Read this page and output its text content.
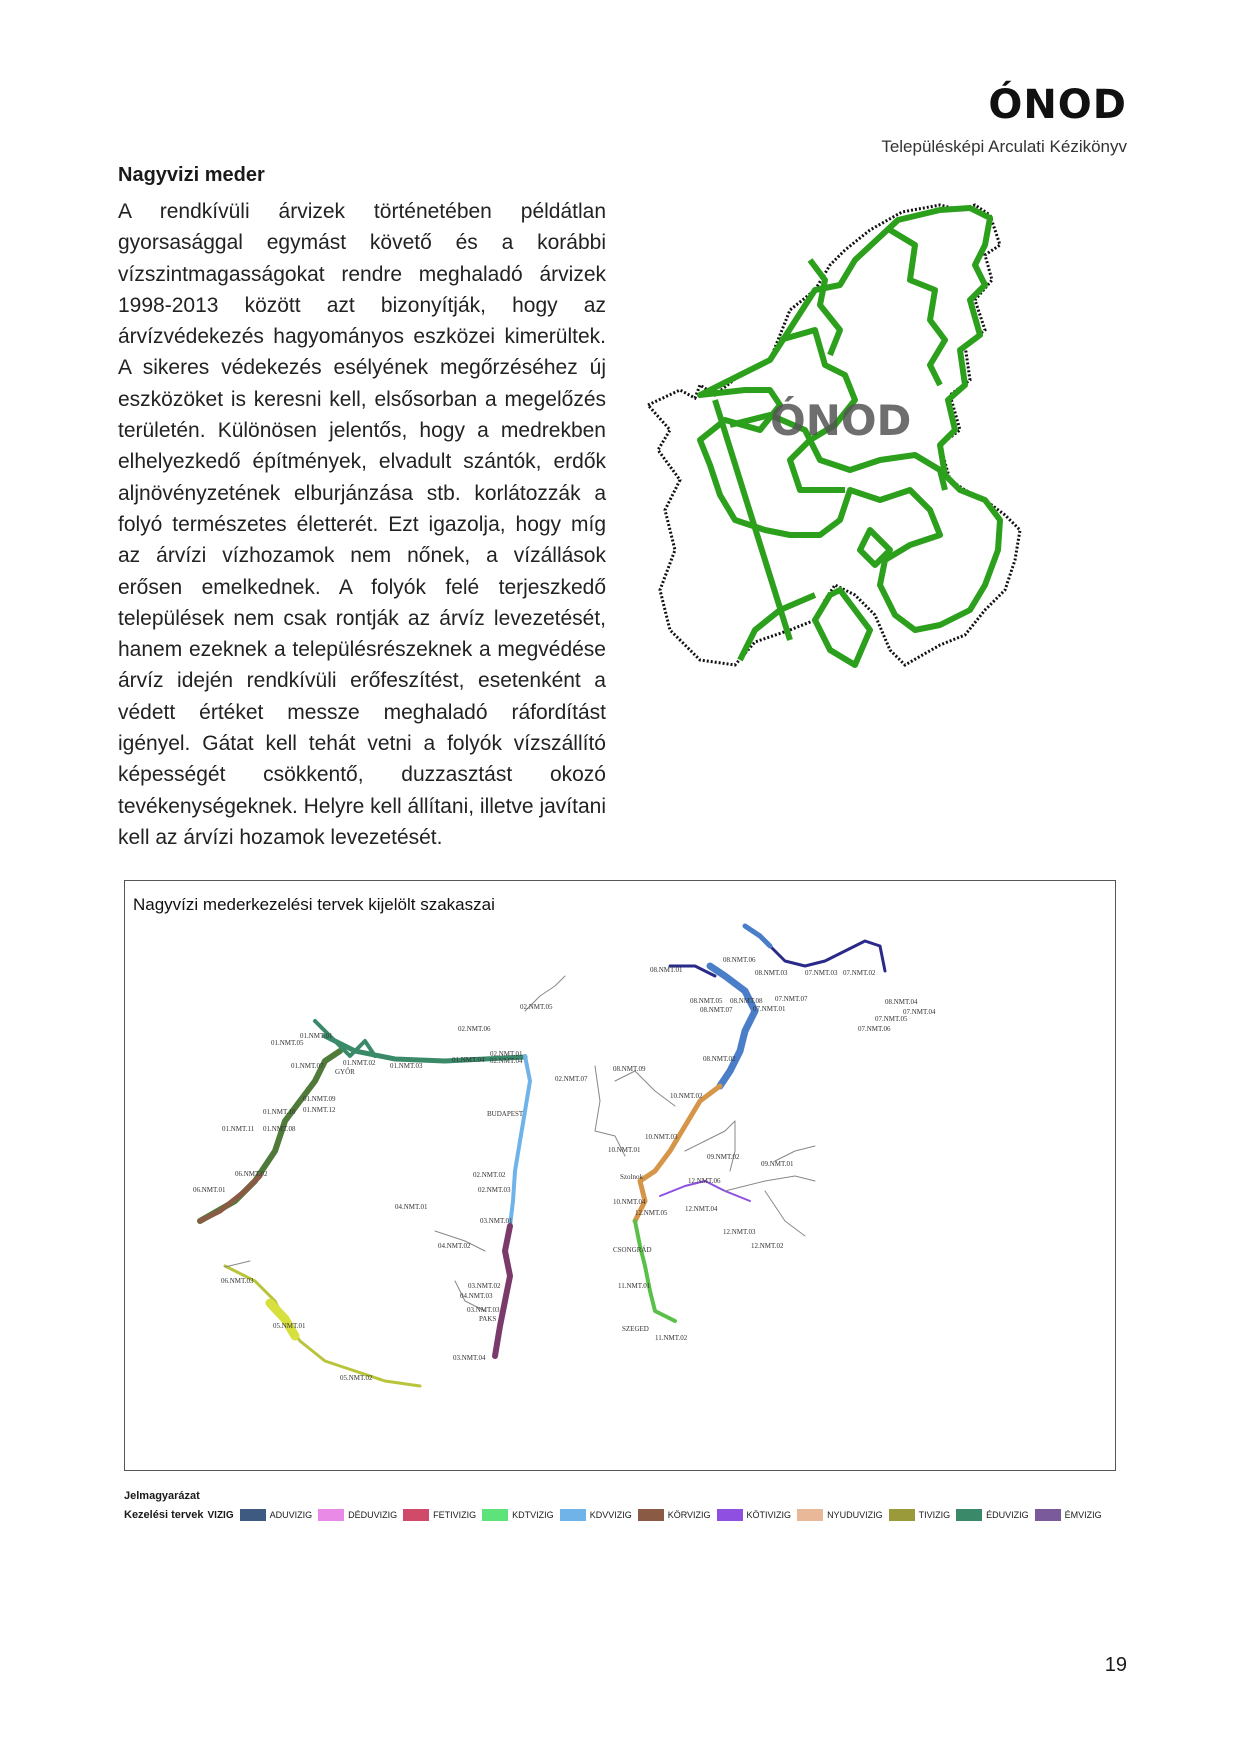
ÓNOD
Településképi Arculati Kézikönyv
Nagyvizi meder
A rendkívüli árvizek történetében példátlan gyorsasággal egymást követő és a korábbi vízszintmagasságokat rendre meghaladó árvizek 1998-2013 között azt bizonyítják, hogy az árvízvédekezés hagyományos eszközei kimerültek. A sikeres védekezés esélyének megőrzéséhez új eszközöket is keresni kell, elsősorban a megelőzés területén. Különösen jelentős, hogy a medrekben elhelyezkedő építmények, elvadult szántók, erdők aljnövényzetének elburjánzása stb. korlátozzák a folyó természetes életterét. Ezt igazolja, hogy míg az árvízi vízhozamok nem nőnek, a vízállások erősen emelkednek. A folyók felé terjeszkedő települések nem csak rontják az árvíz levezetését, hanem ezeknek a településrészeknek a megvédése árvíz idején rendkívüli erőfeszítést, esetenként a védett értéket messze meghaladó ráfordítást igényel. Gátat kell tehát vetni a folyók vízszállító képességét csökkentő, duzzasztást okozó tevékenységeknek. Helyre kell állítani, illetve javítani kell az árvízi hozamok levezetését.
ÓNOD
Nagyvízi mederkezelési tervek kijelölt szakaszai
01.NMT.01
01.NMT.05
01.NMT.07	01.NMT.02 01.NMT.03
01.NMT.04
GYŐR
01.NMT.09
01.NMT.12
01.NMT.10
01.NMT.11 01.NMT.08
06.NMT.02
06.NMT.01
02.NMT.06
02.NMT.05
02.NMT.01
02.NMT.04
BUDAPEST
02.NMT.02
02.NMT.03
03.NMT.01
04.NMT.01
04.NMT.02
03.NMT.02
04.NMT.03
03.NMT.03
PAKS
03.NMT.04
06.NMT.03
05.NMT.01
05.NMT.02
08.NMT.06
08.NMT.01	08.NMT.03 07.NMT.03 07.NMT.02
08.NMT.05 08.NMT.08
08.NMT.07
07.NMT.07
07.NMT.01	07.NMT.04
07.NMT.05
07.NMT.06
08.NMT.02
08.NMT.09
02.NMT.07
10.NMT.02
10.NMT.03
10.NMT.01
09.NMT.02
09.NMT.01
Szolnok	12.NMT.06
10.NMT.04
12.NMT.05 12.NMT.04
12.NMT.03
12.NMT.02
CSONGRÁD
11.NMT.01
SZEGED
11.NMT.02
08.NMT.04
Jelmagyarázat
Kezelési tervek VIZIG	ADUVIZIG	DÉDUVIZIG	FETIVIZIG	KDTVIZIG	KDVVIZIG	KÖRVIZIG	KÖTIVIZIG	NYUDUVIZIG	TIVIZIG	ÉDUVIZIG	ÉMVIZIG
19
